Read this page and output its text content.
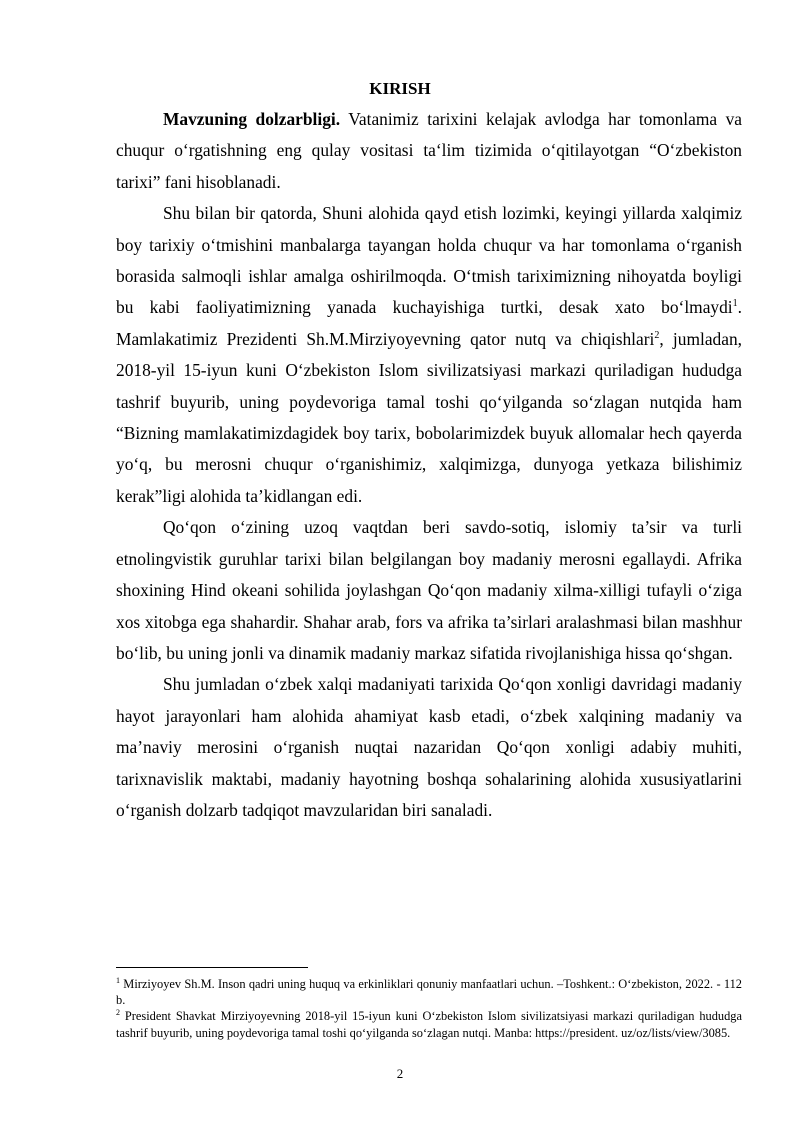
KIRISH

Mavzuning dolzarbligi. Vatanimiz tarixini kelajak avlodga har tomonlama va chuqur o‘rgatishning eng qulay vositasi ta‘lim tizimida o‘qitilayotgan “O‘zbekiston tarixi” fani hisoblanadi.

Shu bilan bir qatorda, Shuni alohida qayd etish lozimki, keyingi yillarda xalqimiz boy tarixiy o‘tmishini manbalarga tayangan holda chuqur va har tomonlama o‘rganish borasida salmoqli ishlar amalga oshirilmoqda. O‘tmish tariximizning nihoyatda boyligi bu kabi faoliyatimizning yanada kuchayishiga turtki, desak xato bo‘lmaydi$^1$. Mamlakatimiz Prezidenti Sh.M.Mirziyoyevning qator nutq va chiqishlari$^2$, jumladan, 2018-yil 15-iyun kuni O‘zbekiston Islom sivilizatsiyasi markazi quriladigan hududga tashrif buyurib, uning poydevoriga tamal toshi qo‘yilganda so‘zlagan nutqida ham “Bizning mamlakatimizdagidek boy tarix, bobolarimizdek buyuk allomalar hech qayerda yo‘q, bu merosni chuqur o‘rganishimiz, xalqimizga, dunyoga yetkaza bilishimiz kerak”ligi alohida ta’kidlangan edi.

Qo‘qon o‘zining uzoq vaqtdan beri savdo-sotiq, islomiy ta’sir va turli etnolingvistik guruhlar tarixi bilan belgilangan boy madaniy merosni egallaydi. Afrika shoxining Hind okeani sohilida joylashgan Qo‘qon madaniy xilma-xilligi tufayli o‘ziga xos xitobga ega shahardir. Shahar arab, fors va afrika ta’sirlari aralashmasi bilan mashhur bo‘lib, bu uning jonli va dinamik madaniy markaz sifatida rivojlanishiga hissa qo‘shgan.

Shu jumladan o‘zbek xalqi madaniyati tarixida Qo‘qon xonligi davridagi madaniy hayot jarayonlari ham alohida ahamiyat kasb etadi, o‘zbek xalqining madaniy va ma’naviy merosini o‘rganish nuqtai nazaridan Qo‘qon xonligi adabiy muhiti, tarixnavislik maktabi, madaniy hayotning boshqa sohalarining alohida xususiyatlarini o‘rganish dolzarb tadqiqot mavzularidan biri sanaladi.

$^1$ Mirziyoyev Sh.M. Inson qadri uning huquq va erkinliklari qonuniy manfaatlari uchun. –Toshkent.: O‘zbekiston, 2022. - 112 b.

$^2$ President Shavkat Mirziyoyevning 2018-yil 15-iyun kuni O‘zbekiston Islom sivilizatsiyasi markazi quriladigan hududga tashrif buyurib, uning poydevoriga tamal toshi qo‘yilganda so‘zlagan nutqi. Manba: https://president. uz/oz/lists/view/3085.

2
